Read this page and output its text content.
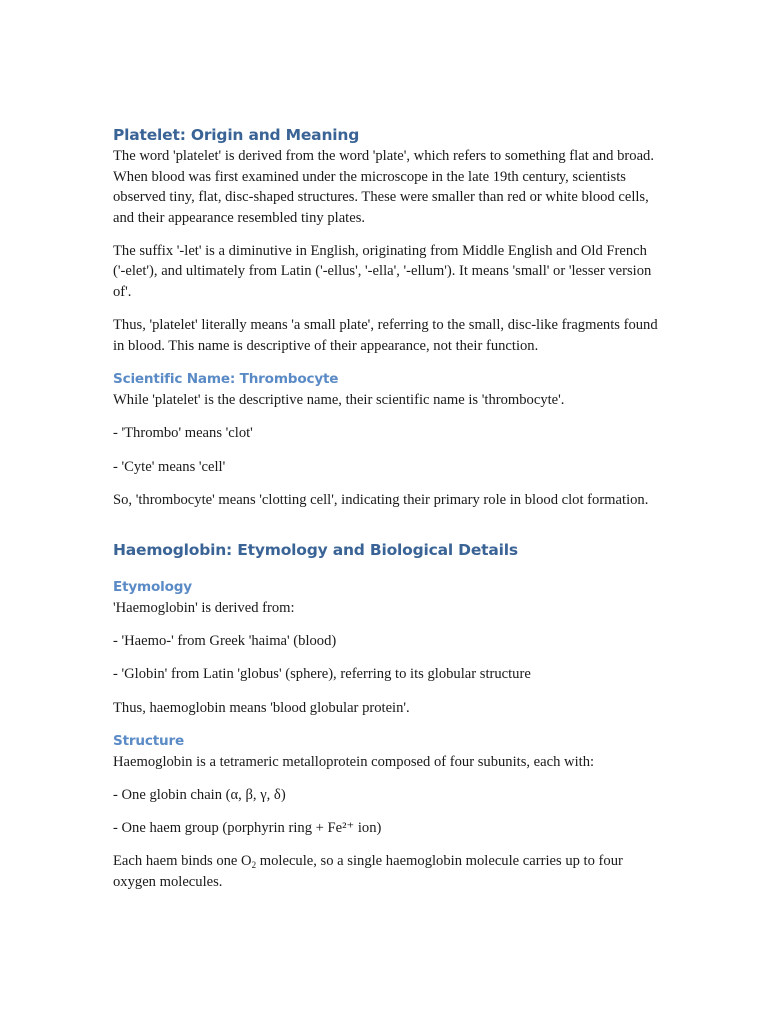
Platelet: Origin and Meaning

The word 'platelet' is derived from the word 'plate', which refers to something flat and broad. When blood was first examined under the microscope in the late 19th century, scientists observed tiny, flat, disc-shaped structures. These were smaller than red or white blood cells, and their appearance resembled tiny plates.

The suffix '-let' is a diminutive in English, originating from Middle English and Old French ('-elet'), and ultimately from Latin ('-ellus', '-ella', '-ellum'). It means 'small' or 'lesser version of'.

Thus, 'platelet' literally means 'a small plate', referring to the small, disc-like fragments found in blood. This name is descriptive of their appearance, not their function.

Scientific Name: Thrombocyte

While 'platelet' is the descriptive name, their scientific name is 'thrombocyte'.

- 'Thrombo' means 'clot'

- 'Cyte' means 'cell'

So, 'thrombocyte' means 'clotting cell', indicating their primary role in blood clot formation.

Haemoglobin: Etymology and Biological Details
Etymology

'Haemoglobin' is derived from:

- 'Haemo-' from Greek 'haima' (blood)

- 'Globin' from Latin 'globus' (sphere), referring to its globular structure

Thus, haemoglobin means 'blood globular protein'.

Structure

Haemoglobin is a tetrameric metalloprotein composed of four subunits, each with:

- One globin chain (α, β, γ, δ)

- One haem group (porphyrin ring + Fe²⁺ ion)

Each haem binds one $O_2$ molecule, so a single haemoglobin molecule carries up to four oxygen molecules.
